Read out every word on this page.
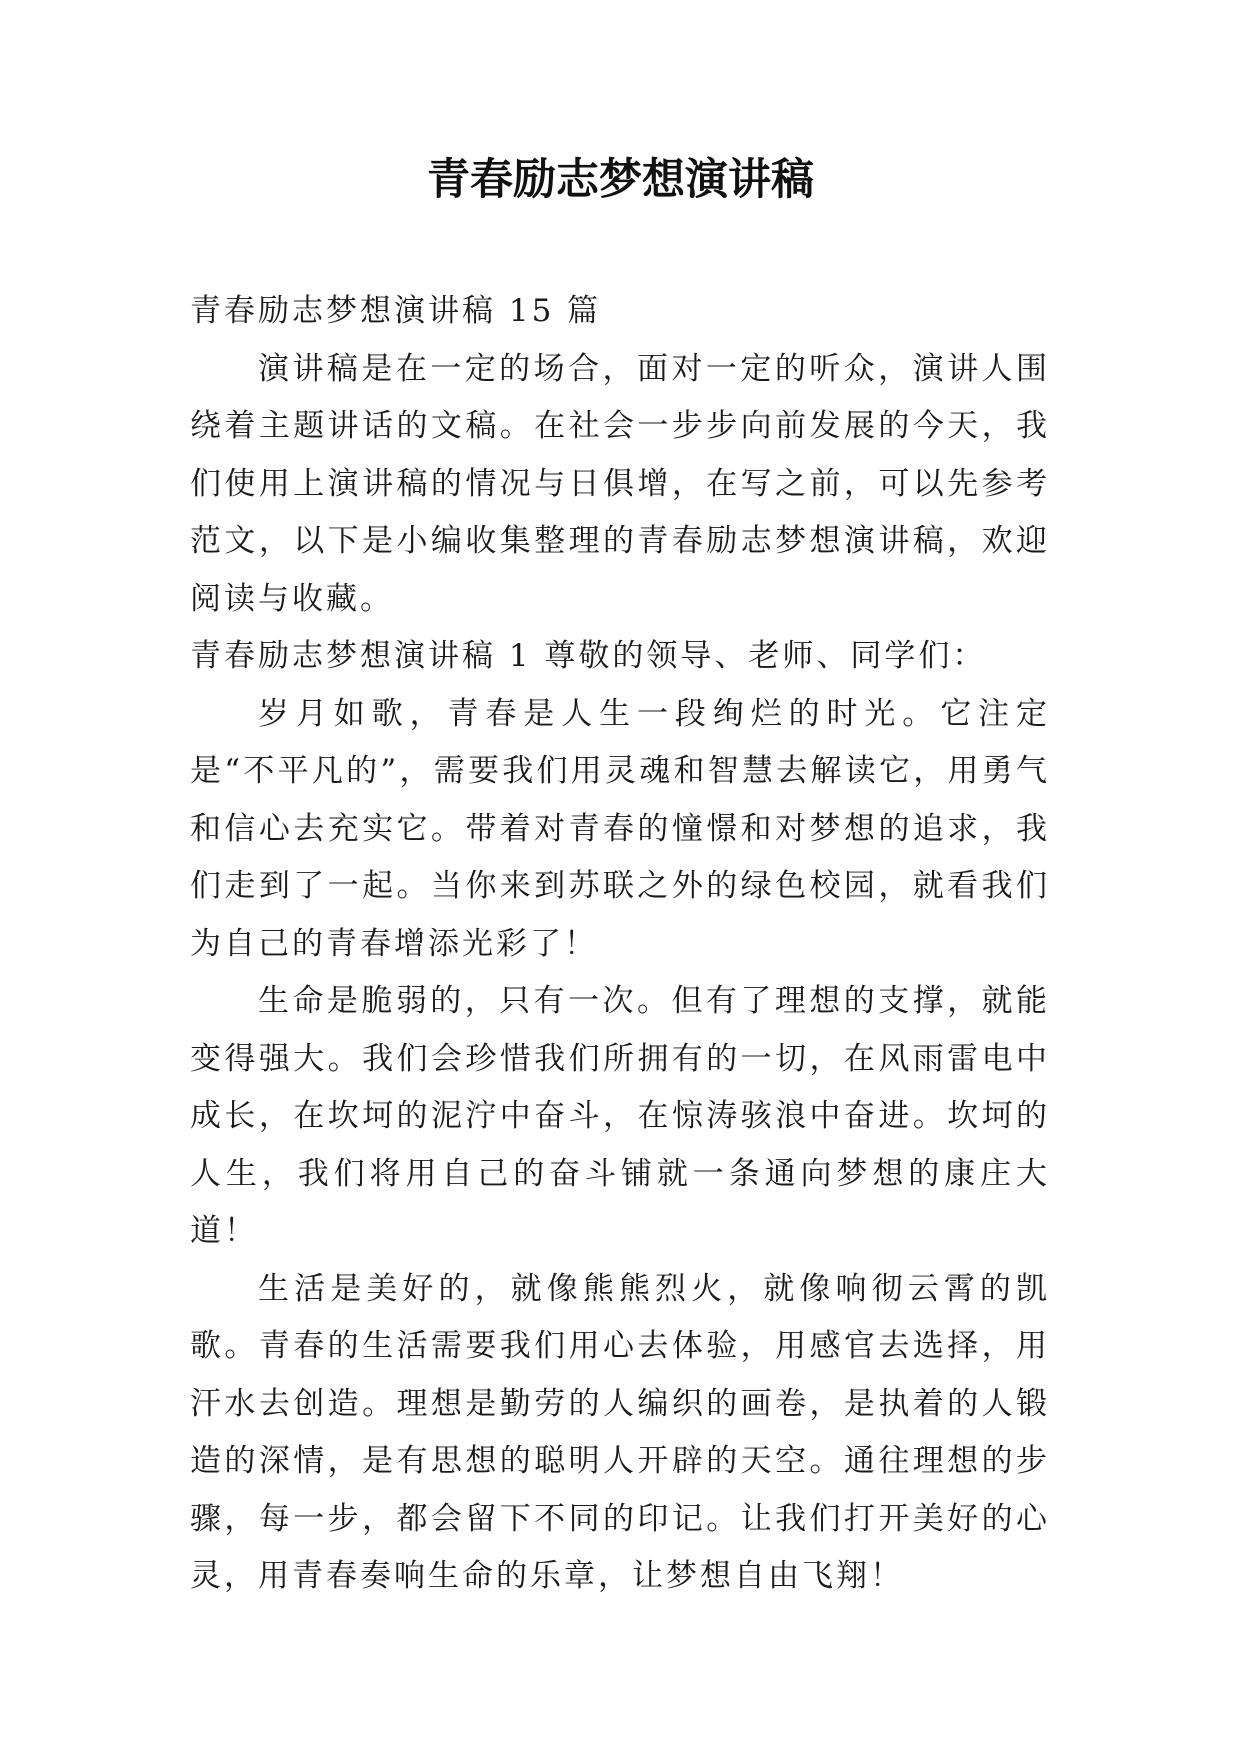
青春励志梦想演讲稿

青春励志梦想演讲稿 15 篇

演讲稿是在一定的场合，面对一定的听众，演讲人围绕着主题讲话的文稿。在社会一步步向前发展的今天，我们使用上演讲稿的情况与日俱增，在写之前，可以先参考范文，以下是小编收集整理的青春励志梦想演讲稿，欢迎阅读与收藏。

青春励志梦想演讲稿 1 尊敬的领导、老师、同学们：

岁月如歌，青春是人生一段绚烂的时光。它注定是“不平凡的”，需要我们用灵魂和智慧去解读它，用勇气和信心去充实它。带着对青春的憧憬和对梦想的追求，我们走到了一起。当你来到苏联之外的绿色校园，就看我们为自己的青春增添光彩了！

生命是脆弱的，只有一次。但有了理想的支撑，就能变得强大。我们会珍惜我们所拥有的一切，在风雨雷电中成长，在坎坷的泥泞中奋斗，在惊涛骇浪中奋进。坎坷的人生，我们将用自己的奋斗铺就一条通向梦想的康庄大道！

生活是美好的，就像熊熊烈火，就像响彻云霄的凯歌。青春的生活需要我们用心去体验，用感官去选择，用汗水去创造。理想是勤劳的人编织的画卷，是执着的人锻造的深情，是有思想的聪明人开辟的天空。通往理想的步骤，每一步，都会留下不同的印记。让我们打开美好的心灵，用青春奏响生命的乐章，让梦想自由飞翔！
